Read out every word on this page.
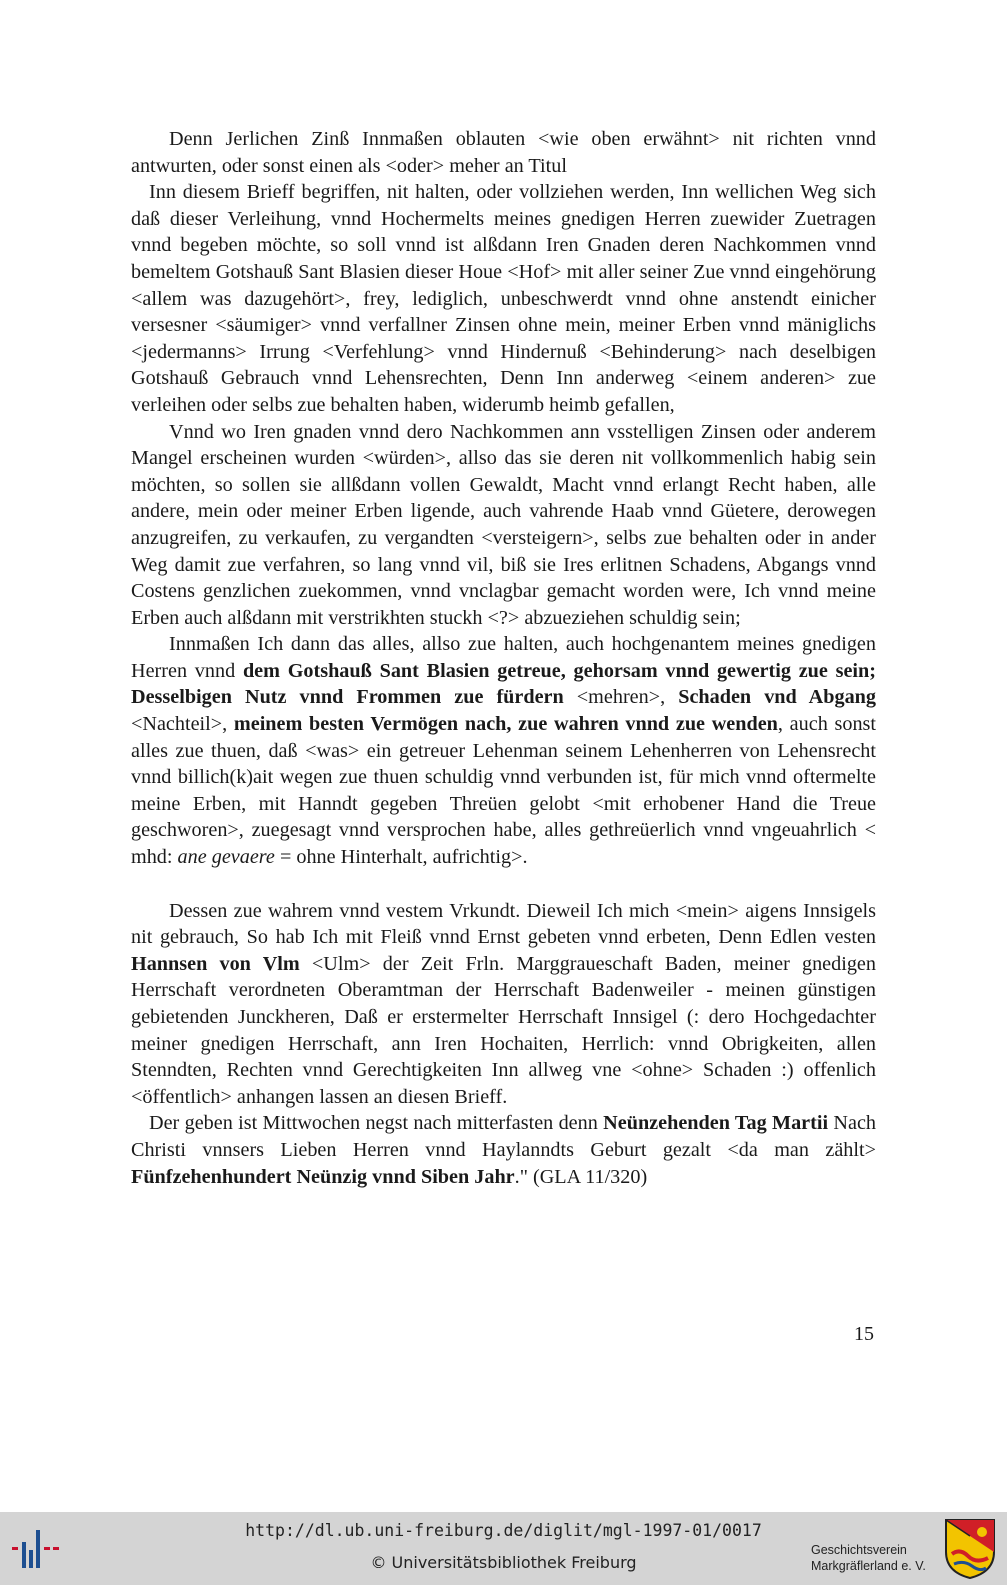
Denn Jerlichen Zinß Innmaßen oblauten <wie oben erwähnt> nit richten vnnd antwurten, oder sonst einen als <oder> meher an Titul

Inn diesem Brieff begriffen, nit halten, oder vollziehen werden, Inn wellichen Weg sich daß dieser Verleihung, vnnd Hochermelts meines gnedigen Herren zuewider Zuetragen vnnd begeben möchte, so soll vnnd ist alßdann Iren Gnaden deren Nachkommen vnnd bemeltem Gotshauß Sant Blasien dieser Houe <Hof> mit aller seiner Zue vnnd eingehörung <allem was dazugehört>, frey, lediglich, unbeschwerdt vnnd ohne anstendt einicher versesner <säumiger> vnnd verfallner Zinsen ohne mein, meiner Erben vnnd mäniglichs <jedermanns> Irrung <Verfehlung> vnnd Hindernuß <Behinderung> nach deselbigen Gotshauß Gebrauch vnnd Lehensrechten, Denn Inn anderweg <einem anderen> zue verleihen oder selbs zue behalten haben, widerumb heimb gefallen,

Vnnd wo Iren gnaden vnnd dero Nachkommen ann vsstelligen Zinsen oder anderem Mangel erscheinen wurden <würden>, allso das sie deren nit vollkommenlich habig sein möchten, so sollen sie allßdann vollen Gewaldt, Macht vnnd erlangt Recht haben, alle andere, mein oder meiner Erben ligende, auch vahrende Haab vnnd Güetere, derowegen anzugreifen, zu verkaufen, zu vergandten <versteigern>, selbs zue behalten oder in ander Weg damit zue verfahren, so lang vnnd vil, biß sie Ires erlitnen Schadens, Abgangs vnnd Costens genzlichen zuekommen, vnnd vnclagbar gemacht worden were, Ich vnnd meine Erben auch alßdann mit verstrikhten stuckh <?> abzueziehen schuldig sein;

Innmaßen Ich dann das alles, allso zue halten, auch hochgenantem meines gnedigen Herren vnnd dem Gotshauß Sant Blasien getreue, gehorsam vnnd gewertig zue sein; Desselbigen Nutz vnnd Frommen zue fürdern <mehren>, Schaden vnd Abgang <Nachteil>, meinem besten Vermögen nach, zue wahren vnnd zue wenden, auch sonst alles zue thuen, daß <was> ein getreuer Lehenman seinem Lehenherren von Lehensrecht vnnd billich(k)ait wegen zue thuen schuldig vnnd verbunden ist, für mich vnnd oftermelte meine Erben, mit Hanndt gegeben Threüen gelobt <mit erhobener Hand die Treue geschworen>, zuegesagt vnnd versprochen habe, alles gethreüerlich vnnd vngeuahrlich < mhd: ane gevaere = ohne Hinterhalt, aufrichtig>.

Dessen zue wahrem vnnd vestem Vrkundt. Dieweil Ich mich <mein> aigens Innsigels nit gebrauch, So hab Ich mit Fleiß vnnd Ernst gebeten vnnd erbeten, Denn Edlen vesten Hannsen von Vlm <Ulm> der Zeit Frln. Marggraueschaft Baden, meiner gnedigen Herrschaft verordneten Oberamtman der Herrschaft Badenweiler - meinen günstigen gebietenden Junckheren, Daß er erstermelter Herrschaft Innsigel (: dero Hochgedachter meiner gnedigen Herrschaft, ann Iren Hochaiten, Herrlich: vnnd Obrigkeiten, allen Stenndten, Rechten vnnd Gerechtigkeiten Inn allweg vne <ohne> Schaden :) offenlich <öffentlich> anhangen lassen an diesen Brieff.

Der geben ist Mittwochen negst nach mitterfasten denn Neünzehenden Tag Martii Nach Christi vnnsers Lieben Herren vnnd Haylanndts Geburt gezalt <da man zählt> Fünfzehenhundert Neünzig vnnd Siben Jahr." (GLA 11/320)

15
http://dl.ub.uni-freiburg.de/diglit/mgl-1997-01/0017
© Universitätsbibliothek Freiburg
Geschichtsverein
Markgräflerland e. V.
